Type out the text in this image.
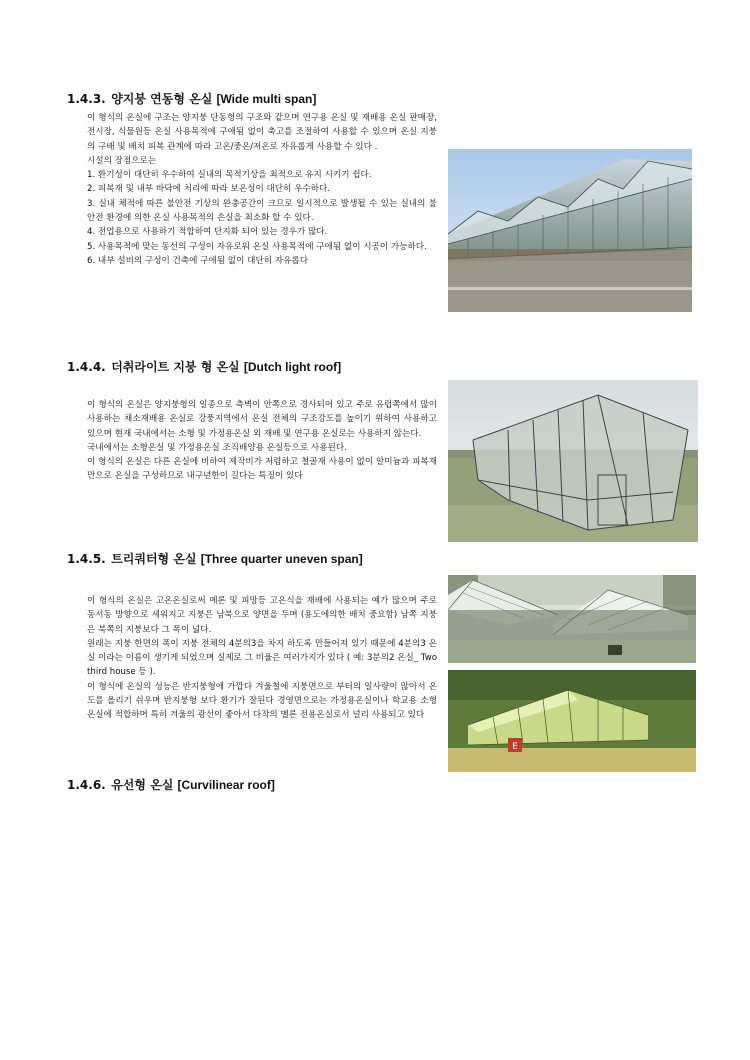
1.4.3. 양지붕 연동형 온실 [Wide multi span]

이 형식의 온실에 구조는 양지붕 단동형의 구조와 같으며 연구용 온실 및 재배용 온실 판매장, 전시장, 식물원등 온실 사용목적에 구애됨 없이 축고를 조절하여 사용할 수 있으며 온실 지붕의 구배 및 배치 피복 관계에 따라 고온/중온/저온로 자유롭게 사용할 수 있다 .

시설의 장점으로는

1. 환기성이 대단히 우수하여 실내의 목적기상을 최적으로 유지 시키기 쉽다.

2. 피복재 및 내부 바닥에 처리에 따라 보온성이 대단히 우수하다.

3. 실내 체적에 따른 불안전 기상의 완충공간이 크므로 일시적으로 발생될 수 있는 실내의 불안전 환경에 의한 온실 사용목적의 손실을 최소화 할 수 있다.

4. 전업용으로 사용하기 적합하여 단지화 되어 있는 경우가 많다.

5. 사용목적에 맞는 동선의 구성이 자유로워 온실 사용목적에 구애됨 없이 시공이 가능하다.

6. 내부 설비의 구성이 건축에 구애됨 없이 대단히 자유롭다

1.4.4. 더취라이트 지붕 형 온실 [Dutch light roof]

이 형식의 온실은 양지붕형의 일종으로 측벽이 안쪽으로 경사되어 있고 주로 유럽쪽에서 많이 사용하는 채소재배용 온실로 강풍지역에서 온실 전체의 구조강도를 높이기 위하여 사용하고 있으며 현재 국내에서는 소형 및 가정용온실 외 재배 및 연구용 온실로는 사용하지 않는다.

국내에서는 소형온실 및 가정용온실 조직배양용 온실등으로 사용된다.

이 형식의 온실은 다른 온실에 비하여 제작비가 저렴하고 철골재 사용이 없이 알미늄과 피복재만으로 온실을 구성하므로 내구년한이 길다는 특징이 있다

1.4.5. 트리쿼터형 온실 [Three quarter uneven span]

이 형식의 온실은 고온온실로써 메론 및 피망등 고온식을 재배에 사용되는 예가 많으며 주로 동서동 방향으로 세워지고 지붕은 남북으로 양면을 두며 (용도에의한 배치 중요함) 남쪽 지붕은 북쪽의 지붕보다 그 폭이 넓다.

원래는 지붕 한면의 폭이 지붕 전체의 4분의3을 차지 하도록 만들어져 있기 때문에 4분의3 온실 이라는 이름이 생기게 되었으며 실제로 그 비율은 여러가지가 있다 ( 예: 3분의2 온실_ Two third house 등 ).

이 형식에 온실의 성능은 반지붕형에 가깝다 겨울철에 지붕면으로 부터의 일사량이 많아서 온도를 올리기 쉬우며 반지붕형 보다 환기가 잘된다 경영면으로는 가정용온실이나 학교용 소형온실에 적합하며 특히 겨울의 광선이 좋아서 다작의 멜론 전용온실로서 널리 사용되고 있다

E
1.4.6. 유선형 온실 [Curvilinear roof]
